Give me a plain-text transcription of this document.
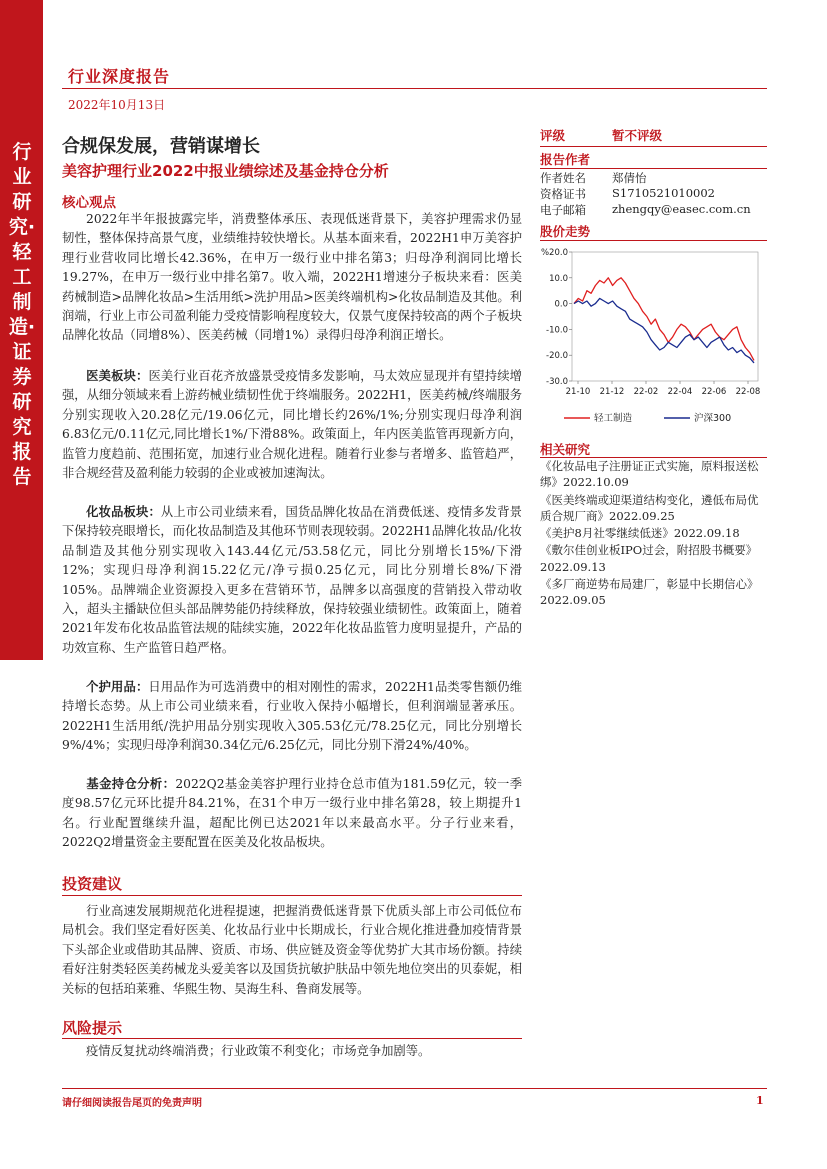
行业研究·轻工制造·证券研究报告
行业深度报告
2022年10月13日
合规保发展，营销谋增长
美容护理行业2022中报业绩综述及基金持仓分析
核心观点
2022年半年报披露完毕，消费整体承压、表现低迷背景下，美容护理需求仍显韧性，整体保持高景气度，业绩维持较快增长。从基本面来看，2022H1申万美容护理行业营收同比增长42.36%，在申万一级行业中排名第3；归母净利润同比增长19.27%，在申万一级行业中排名第7。收入端，2022H1增速分子板块来看：医美药械制造>品牌化妆品>生活用纸>洗护用品>医美终端机构>化妆品制造及其他。利润端，行业上市公司盈利能力受疫情影响程度较大，仅景气度保持较高的两个子板块品牌化妆品（同增8%）、医美药械（同增1%）录得归母净利润正增长。
医美板块：医美行业百花齐放盛景受疫情多发影响，马太效应显现并有望持续增强，从细分领域来看上游药械业绩韧性优于终端服务。2022H1，医美药械/终端服务分别实现收入20.28亿元/19.06亿元，同比增长约26%/1%;分别实现归母净利润6.83亿元/0.11亿元,同比增长1%/下滑88%。政策面上，年内医美监管再现新方向，监管力度趋前、范围拓宽，加速行业合规化进程。随着行业参与者增多、监管趋严，非合规经营及盈利能力较弱的企业或被加速淘汰。
化妆品板块：从上市公司业绩来看，国货品牌化妆品在消费低迷、疫情多发背景下保持较亮眼增长，而化妆品制造及其他环节则表现较弱。2022H1品牌化妆品/化妆品制造及其他分别实现收入143.44亿元/53.58亿元，同比分别增长15%/下滑12%；实现归母净利润15.22亿元/净亏损0.25亿元，同比分别增长8%/下滑105%。品牌端企业资源投入更多在营销环节，品牌多以高强度的营销投入带动收入，超头主播缺位但头部品牌势能仍持续释放，保持较强业绩韧性。政策面上，随着2021年发布化妆品监管法规的陆续实施，2022年化妆品监管力度明显提升，产品的功效宣称、生产监管日趋严格。
个护用品：日用品作为可选消费中的相对刚性的需求，2022H1品类零售额仍维持增长态势。从上市公司业绩来看，行业收入保持小幅增长，但利润端显著承压。2022H1生活用纸/洗护用品分别实现收入305.53亿元/78.25亿元，同比分别增长9%/4%；实现归母净利润30.34亿元/6.25亿元，同比分别下滑24%/40%。
基金持仓分析：2022Q2基金美容护理行业持仓总市值为181.59亿元，较一季度98.57亿元环比提升84.21%，在31个申万一级行业中排名第28，较上期提升1名。行业配置继续升温，超配比例已达2021年以来最高水平。分子行业来看，2022Q2增量资金主要配置在医美及化妆品板块。
投资建议
行业高速发展期规范化进程提速，把握消费低迷背景下优质头部上市公司低位布局机会。我们坚定看好医美、化妆品行业中长期成长，行业合规化推进叠加疫情背景下头部企业或借助其品牌、资质、市场、供应链及资金等优势扩大其市场份额。持续看好注射类轻医美药械龙头爱美客以及国货抗敏护肤品中领先地位突出的贝泰妮，相关标的包括珀莱雅、华熙生物、昊海生科、鲁商发展等。
风险提示
疫情反复扰动终端消费；行业政策不利变化；市场竞争加剧等。
评级	暂不评级
报告作者
作者姓名 郑倩怡
资格证书 S1710521010002
电子邮箱 zhengqy@easec.com.cn
股价走势
%20.0
10.0
0.0
-10.0
-20.0
-30.0
21-10 21-12 22-02 22-04 22-06 22-08
轻工制造	沪深300
相关研究
《化妆品电子注册证正式实施，原料报送松绑》2022.10.09
《医美终端或迎渠道结构变化，遴低布局优质合规厂商》2022.09.25
《美护8月社零继续低迷》2022.09.18
《敷尔佳创业板IPO过会，附招股书概要》2022.09.13
《多厂商逆势布局建厂，彰显中长期信心》2022.09.05
请仔细阅读报告尾页的免责声明	1
